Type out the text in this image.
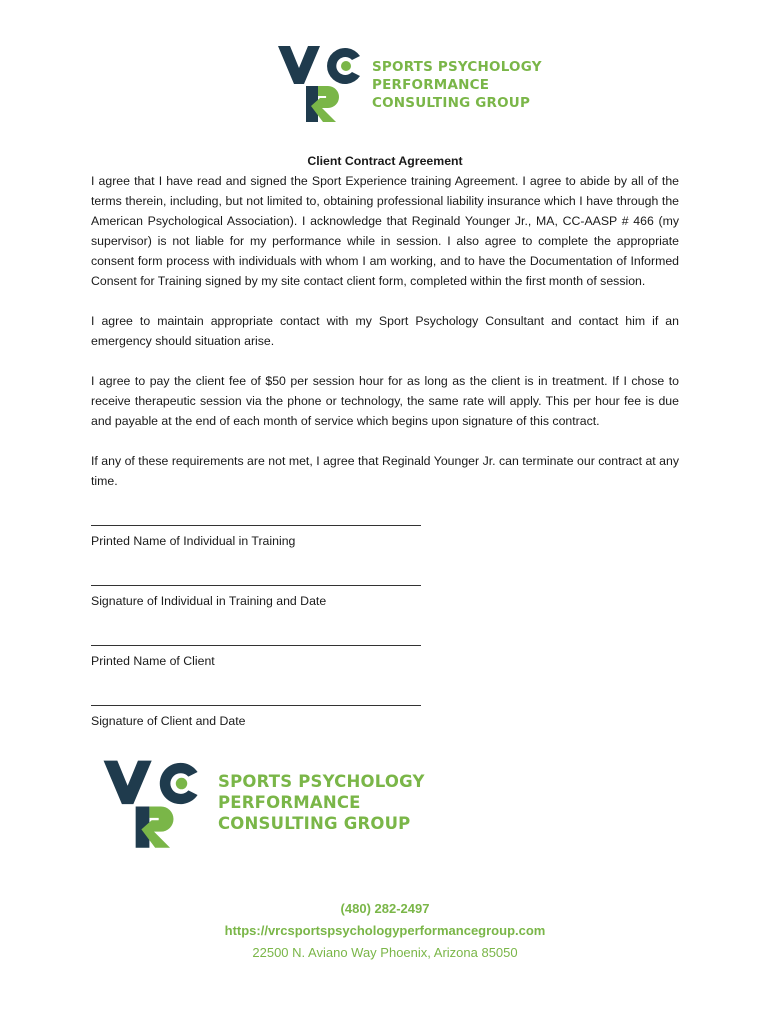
SPORTS PSYCHOLOGY
PERFORMANCE
CONSULTING GROUP

Client Contract Agreement

I agree that I have read and signed the Sport Experience training Agreement. I agree to abide by all of the terms therein, including, but not limited to, obtaining professional liability insurance which I have through the American Psychological Association). I acknowledge that Reginald Younger Jr., MA, CC-AASP # 466 (my supervisor) is not liable for my performance while in session. I also agree to complete the appropriate consent form process with individuals with whom I am working, and to have the Documentation of Informed Consent for Training signed by my site contact client form, completed within the first month of session.

I agree to maintain appropriate contact with my Sport Psychology Consultant and contact him if an emergency should situation arise.

I agree to pay the client fee of $50 per session hour for as long as the client is in treatment. If I chose to receive therapeutic session via the phone or technology, the same rate will apply. This per hour fee is due and payable at the end of each month of service which begins upon signature of this contract.

If any of these requirements are not met, I agree that Reginald Younger Jr. can terminate our contract at any time.

Printed Name of Individual in Training
Signature of Individual in Training and Date
Printed Name of Client
Signature of Client and Date
SPORTS PSYCHOLOGY
PERFORMANCE
CONSULTING GROUP
(480) 282-2497
https://vrcsportspsychologyperformancegroup.com
22500 N. Aviano Way Phoenix, Arizona 85050
